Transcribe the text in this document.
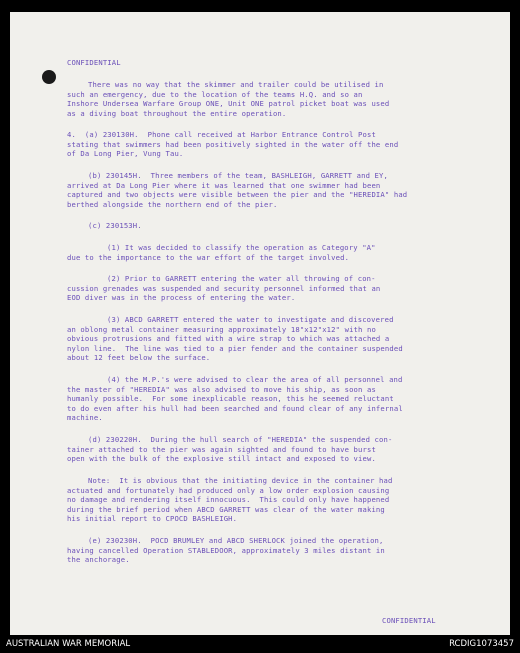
CONFIDENTIAL

There was no way that the skimmer and trailer could be utilised in

such an emergency, due to the location of the teams H.Q. and so an

Inshore Undersea Warfare Group ONE, Unit ONE patrol picket boat was used

as a diving boat throughout the entire operation.

4.  (a) 230130H.  Phone call received at Harbor Entrance Control Post

stating that swimmers had been positively sighted in the water off the end

of Da Long Pier, Vung Tau.

(b) 230145H.  Three members of the team, BASHLEIGH, GARRETT and EY,

arrived at Da Long Pier where it was learned that one swimmer had been

captured and two objects were visible between the pier and the "HEREDIA" had

berthed alongside the northern end of the pier.

(c) 230153H.

(1) It was decided to classify the operation as Category "A"

due to the importance to the war effort of the target involved.

(2) Prior to GARRETT entering the water all throwing of con-

cussion grenades was suspended and security personnel informed that an

EOD diver was in the process of entering the water.

(3) ABCD GARRETT entered the water to investigate and discovered

an oblong metal container measuring approximately 18"x12"x12" with no

obvious protrusions and fitted with a wire strap to which was attached a

nylon line.  The line was tied to a pier fender and the container suspended

about 12 feet below the surface.

(4) the M.P.'s were advised to clear the area of all personnel and

the master of "HEREDIA" was also advised to move his ship, as soon as

humanly possible.  For some inexplicable reason, this he seemed reluctant

to do even after his hull had been searched and found clear of any infernal

machine.

(d) 230220H.  During the hull search of "HEREDIA" the suspended con-

tainer attached to the pier was again sighted and found to have burst

open with the bulk of the explosive still intact and exposed to view.

Note:  It is obvious that the initiating device in the container had

actuated and fortunately had produced only a low order explosion causing

no damage and rendering itself innocuous.  This could only have happened

during the brief period when ABCD GARRETT was clear of the water making

his initial report to CPOCD BASHLEIGH.

(e) 230230H.  POCD BRUMLEY and ABCD SHERLOCK joined the operation,

having cancelled Operation STABLEDOOR, approximately 3 miles distant in

the anchorage.

CONFIDENTIAL

AUSTRALIAN WAR MEMORIAL	RCDIG1073457
